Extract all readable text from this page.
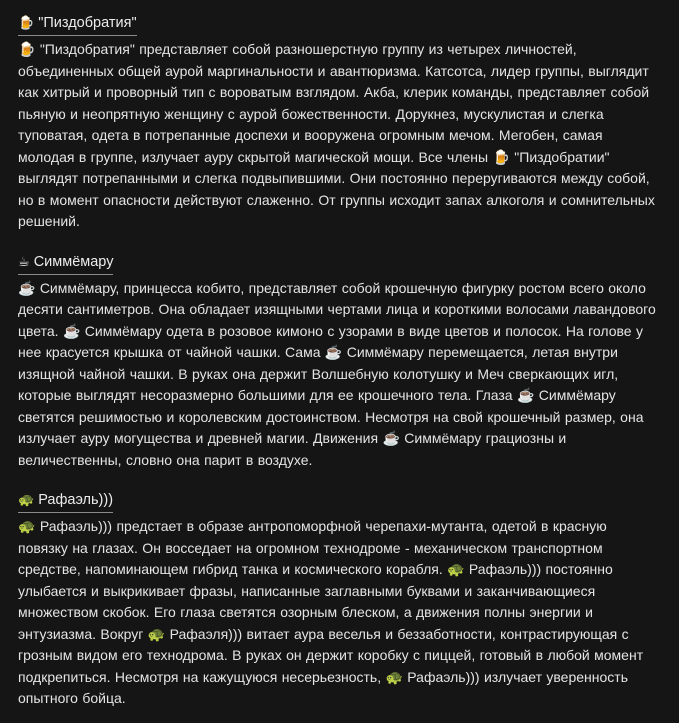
🍺 "Пиздобратия"

🍺 "Пиздобратия" представляет собой разношерстную группу из четырех личностей, объединенных общей аурой маргинальности и авантюризма. Катсотса, лидер группы, выглядит как хитрый и проворный тип с вороватым взглядом. Акба, клерик команды, представляет собой пьяную и неопрятную женщину с аурой божественности. Дорукнез, мускулистая и слегка туповатая, одета в потрепанные доспехи и вооружена огромным мечом. Мегобен, самая молодая в группе, излучает ауру скрытой магической мощи. Все члены 🍺 "Пиздобратии" выглядят потрепанными и слегка подвыпившими. Они постоянно переругиваются между собой, но в момент опасности действуют слаженно. От группы исходит запах алкоголя и сомнительных решений.

☕ Симмёмару

☕ Симмёмару, принцесса кобито, представляет собой крошечную фигурку ростом всего около десяти сантиметров. Она обладает изящными чертами лица и короткими волосами лавандового цвета. ☕ Симмёмару одета в розовое кимоно с узорами в виде цветов и полосок. На голове у нее красуется крышка от чайной чашки. Сама ☕ Симмёмару перемещается, летая внутри изящной чайной чашки. В руках она держит Волшебную колотушку и Меч сверкающих игл, которые выглядят несоразмерно большими для ее крошечного тела. Глаза ☕ Симмёмару светятся решимостью и королевским достоинством. Несмотря на свой крошечный размер, она излучает ауру могущества и древней магии. Движения ☕ Симмёмару грациозны и величественны, словно она парит в воздухе.

🐢 Рафаэль)))

🐢 Рафаэль))) предстает в образе антропоморфной черепахи-мутанта, одетой в красную повязку на глазах. Он восседает на огромном технодроме - механическом транспортном средстве, напоминающем гибрид танка и космического корабля. 🐢 Рафаэль))) постоянно улыбается и выкрикивает фразы, написанные заглавными буквами и заканчивающиеся множеством скобок. Его глаза светятся озорным блеском, а движения полны энергии и энтузиазма. Вокруг 🐢 Рафаэля))) витает аура веселья и беззаботности, контрастирующая с грозным видом его технодрома. В руках он держит коробку с пиццей, готовый в любой момент подкрепиться. Несмотря на кажущуюся несерьезность, 🐢 Рафаэль))) излучает уверенность опытного бойца.
